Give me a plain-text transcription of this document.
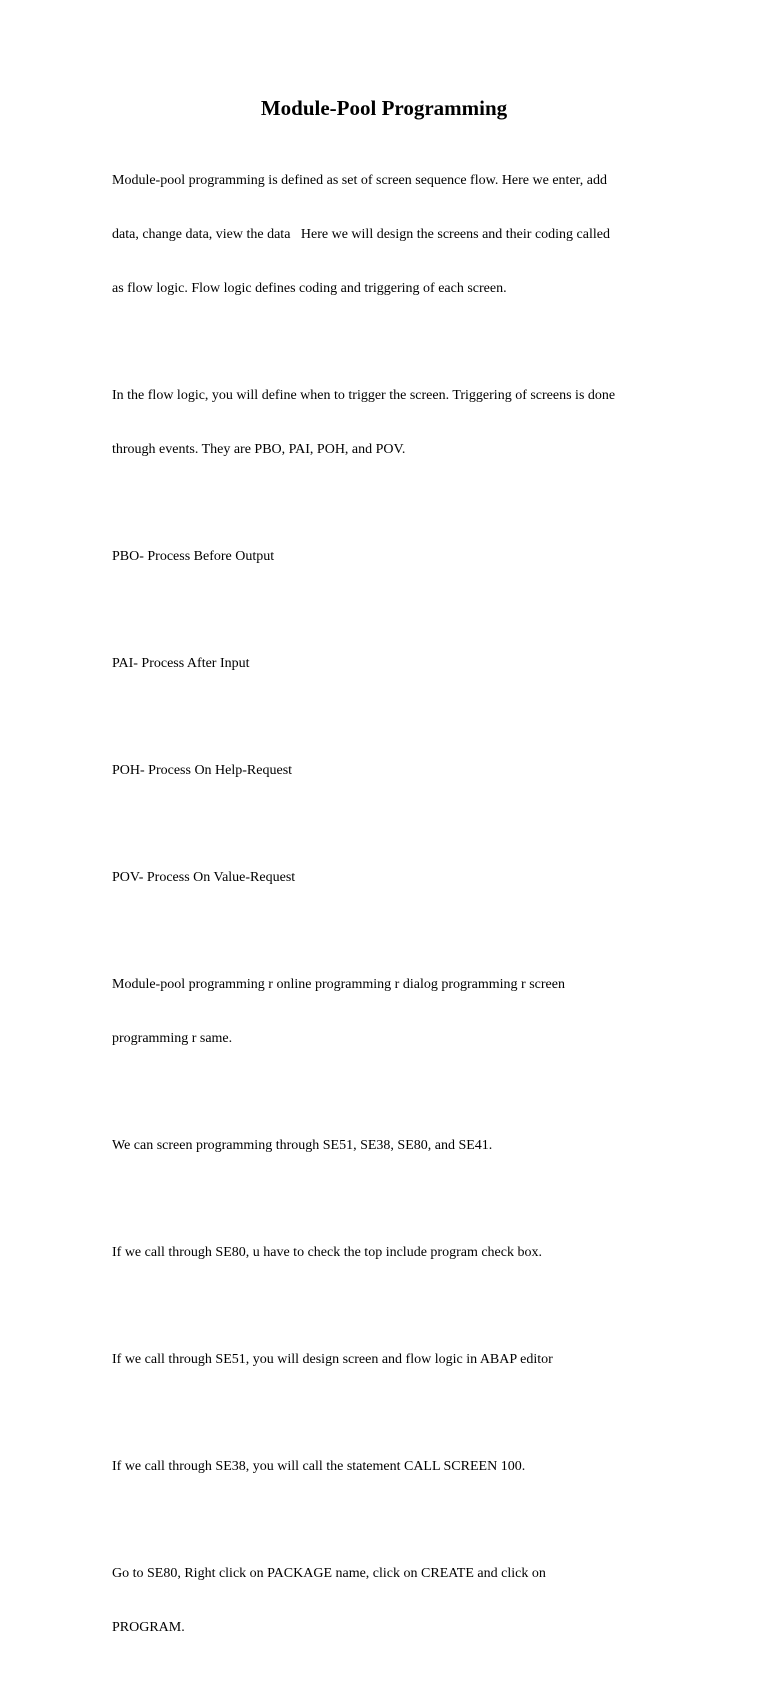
Module-Pool Programming

Module-pool programming is defined as set of screen sequence flow. Here we enter, add

data, change data, view the data   Here we will design the screens and their coding called

as flow logic. Flow logic defines coding and triggering of each screen.

In the flow logic, you will define when to trigger the screen. Triggering of screens is done

through events. They are PBO, PAI, POH, and POV.

PBO- Process Before Output

PAI- Process After Input

POH- Process On Help-Request

POV- Process On Value-Request

Module-pool programming r online programming r dialog programming r screen

programming r same.

We can screen programming through SE51, SE38, SE80, and SE41.

If we call through SE80, u have to check the top include program check box.

If we call through SE51, you will design screen and flow logic in ABAP editor

If we call through SE38, you will call the statement CALL SCREEN 100.

Go to SE80, Right click on PACKAGE name, click on CREATE and click on

PROGRAM.
